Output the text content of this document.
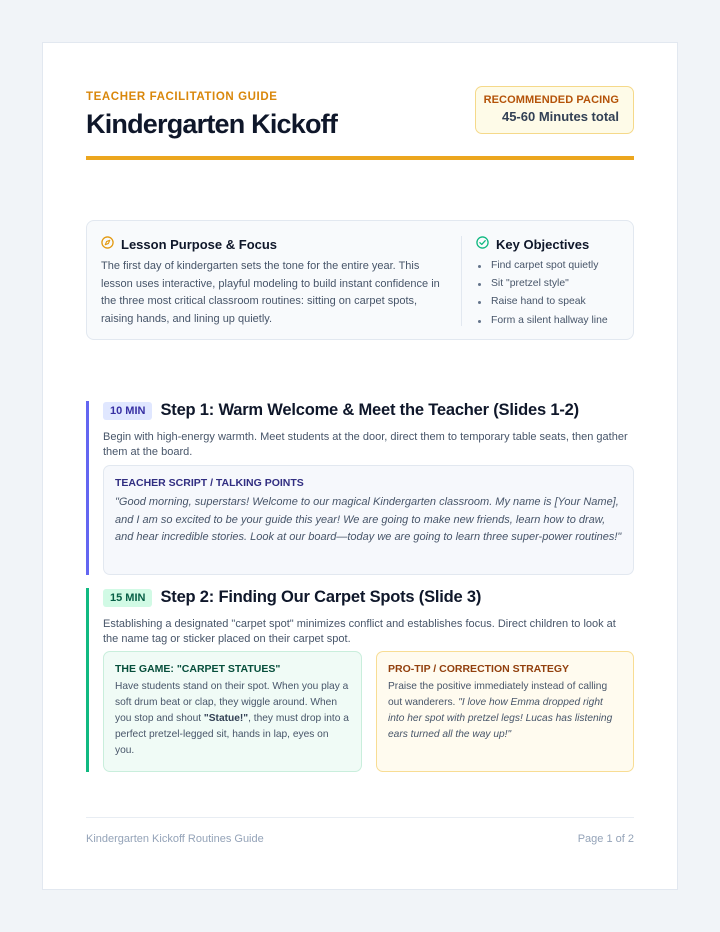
TEACHER FACILITATION GUIDE
Kindergarten Kickoff
RECOMMENDED PACING
45-60 Minutes total
Lesson Purpose & Focus
The first day of kindergarten sets the tone for the entire year. This lesson uses interactive, playful modeling to build instant confidence in the three most critical classroom routines: sitting on carpet spots, raising hands, and lining up quietly.
Key Objectives
Find carpet spot quietly
Sit "pretzel style"
Raise hand to speak
Form a silent hallway line
10 MIN Step 1: Warm Welcome & Meet the Teacher (Slides 1-2)
Begin with high-energy warmth. Meet students at the door, direct them to temporary table seats, then gather them at the board.
TEACHER SCRIPT / TALKING POINTS
"Good morning, superstars! Welcome to our magical Kindergarten classroom. My name is [Your Name], and I am so excited to be your guide this year! We are going to make new friends, learn how to draw, and hear incredible stories. Look at our board—today we are going to learn three super-power routines!"
15 MIN Step 2: Finding Our Carpet Spots (Slide 3)
Establishing a designated "carpet spot" minimizes conflict and establishes focus. Direct children to look at the name tag or sticker placed on their carpet spot.
THE GAME: "CARPET STATUES"
Have students stand on their spot. When you play a soft drum beat or clap, they wiggle around. When you stop and shout "Statue!", they must drop into a perfect pretzel-legged sit, hands in lap, eyes on you.
PRO-TIP / CORRECTION STRATEGY
Praise the positive immediately instead of calling out wanderers. "I love how Emma dropped right into her spot with pretzel legs! Lucas has listening ears turned all the way up!"
Kindergarten Kickoff Routines Guide	Page 1 of 2
